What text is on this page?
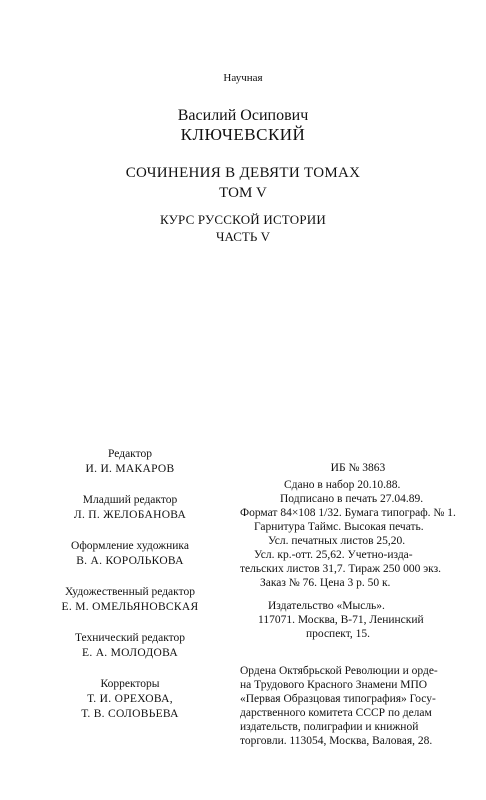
Научная
Василий Осипович
КЛЮЧЕВСКИЙ
СОЧИНЕНИЯ В ДЕВЯТИ ТОМАХ
ТОМ V
КУРС РУССКОЙ ИСТОРИИ
ЧАСТЬ V
Редактор
И. И. МАКАРОВ
Младший редактор
Л. П. ЖЕЛОБАНОВА
Оформление художника
В. А. КОРОЛЬКОВА
Художественный редактор
Е. М. ОМЕЛЬЯНОВСКАЯ
Технический редактор
Е. А. МОЛОДОВА
Корректоры
Т. И. ОРЕХОВА,
Т. В. СОЛОВЬЕВА
ИБ № 3863
Сдано в набор 20.10.88.
Подписано в печать 27.04.89.
Формат 84×108 1/32. Бумага типограф. № 1.
Гарнитура Таймс. Высокая печать.
Усл. печатных листов 25,20.
Усл. кр.-отт. 25,62. Учетно-изда-
тельских листов 31,7. Тираж 250 000 экз.
Заказ № 76. Цена 3 р. 50 к.
Издательство «Мысль».
117071. Москва, В-71, Ленинский
проспект, 15.
Ордена Октябрьской Революции и орде-
на Трудового Красного Знамени МПО
«Первая Образцовая типография» Госу-
дарственного комитета СССР по делам
издательств, полиграфии и книжной
торговли. 113054, Москва, Валовая, 28.
